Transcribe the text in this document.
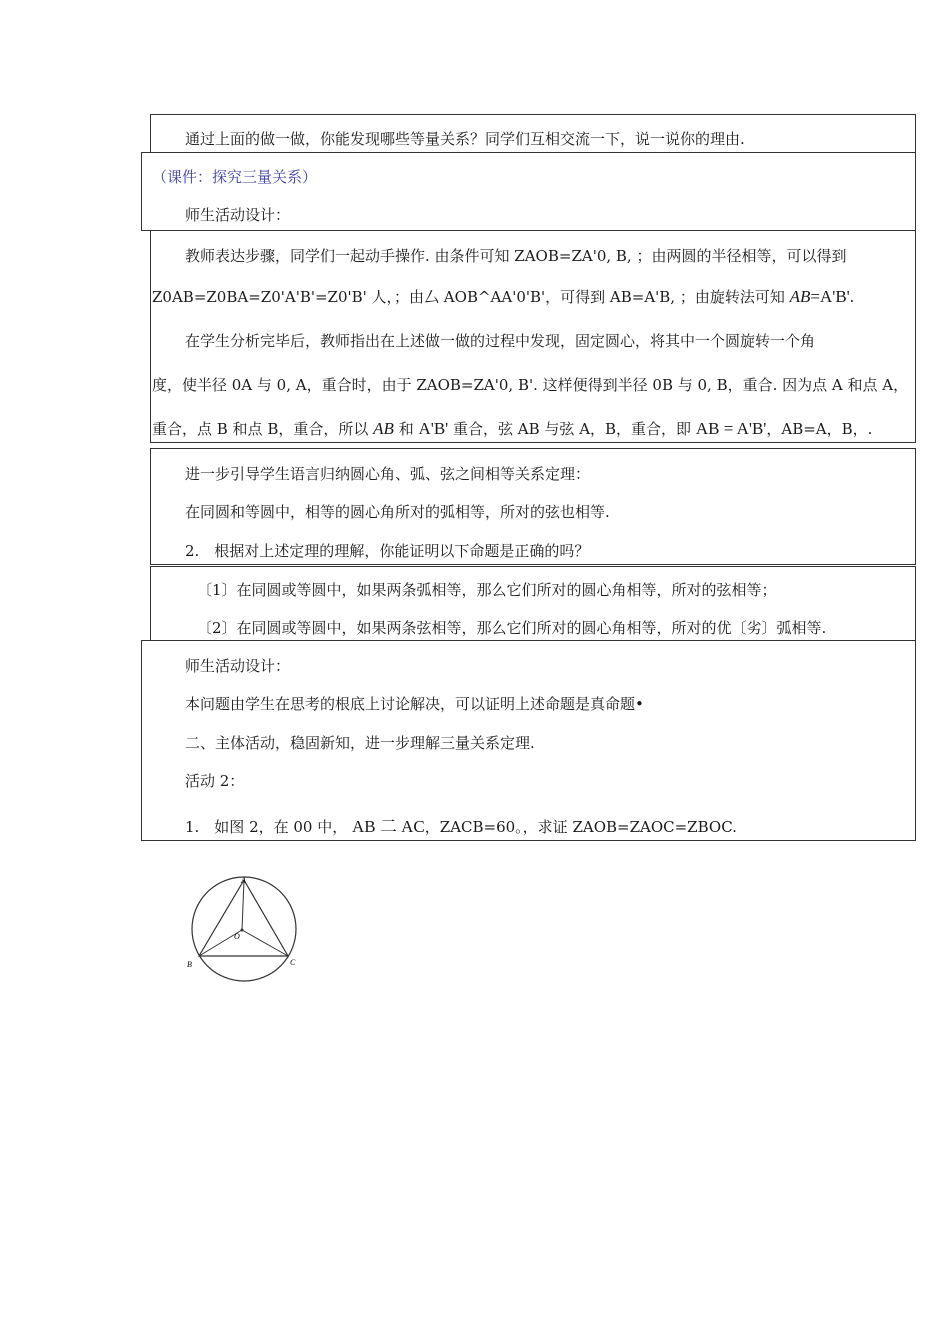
通过上面的做一做，你能发现哪些等量关系？同学们互相交流一下，说一说你的理由.
（课件：探究三量关系）
师生活动设计：
教师表达步骤，同学们一起动手操作. 由条件可知 ZAOB=ZA'0, B, ；由两圆的半径相等，可以得到
Z0AB=Z0BA=Z0'A'B'=Z0'B' 人，；由厶 AOB^AA'0'B'，可得到 AB=A'B, ；由旋转法可知 AB=A'B'.
在学生分析完毕后，教师指出在上述做一做的过程中发现，固定圆心，将其中一个圆旋转一个角
度，使半径 0A 与 0, A，重合时，由于 ZAOB=ZA'0, B'. 这样便得到半径 0B 与 0, B，重合. 因为点 A 和点 A，
重合，点 B 和点 B，重合，所以 AB 和 A'B' 重合，弦 AB 与弦 A，B，重合，即 AB = A'B'，AB=A，B，.
进一步引导学生语言归纳圆心角、弧、弦之间相等关系定理：
在同圆和等圆中，相等的圆心角所对的弧相等，所对的弦也相等.
2.　根据对上述定理的理解，你能证明以下命题是正确的吗？
〔1〕在同圆或等圆中，如果两条弧相等，那么它们所对的圆心角相等，所对的弦相等；
〔2〕在同圆或等圆中，如果两条弦相等，那么它们所对的圆心角相等，所对的优〔劣〕弧相等.
师生活动设计：
本问题由学生在思考的根底上讨论解决，可以证明上述命题是真命题•
二、主体活动，稳固新知，进一步理解三量关系定理.
活动 2：
1.　如图 2，在 00 中， AB 二 AC，ZACB=60。，求证 ZAOB=ZAOC=ZBOC.
A
O
B	C
